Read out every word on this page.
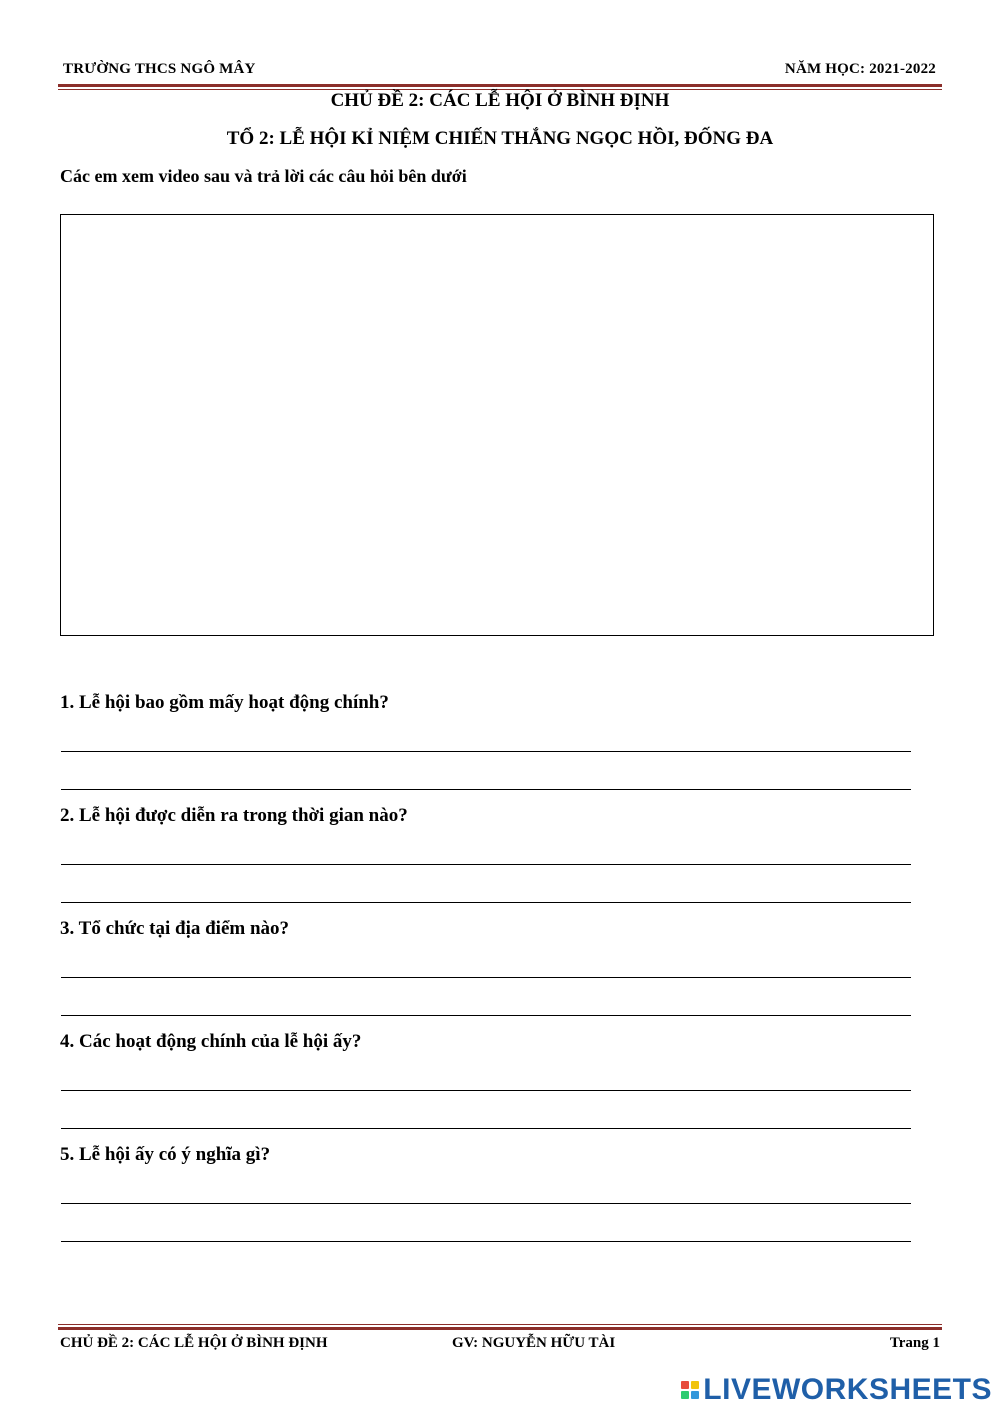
TRƯỜNG THCS NGÔ MÂY	NĂM HỌC: 2021-2022
CHỦ ĐỀ 2: CÁC LỄ HỘI Ở BÌNH ĐỊNH
TỔ 2: LỄ HỘI KỈ NIỆM CHIẾN THẮNG NGỌC HỒI, ĐỐNG ĐA
Các em xem video sau và trả lời các câu hỏi bên dưới
1. Lễ hội bao gồm mấy hoạt động chính?
2. Lễ hội được diễn ra trong thời gian nào?
3. Tổ chức tại địa điểm nào?
4. Các hoạt động chính của lễ hội ấy?
5. Lễ hội ấy có ý nghĩa gì?
CHỦ ĐỀ 2: CÁC LỄ HỘI Ở BÌNH ĐỊNH	GV: NGUYỄN HỮU TÀI	Trang 1
LIVEWORKSHEETS
